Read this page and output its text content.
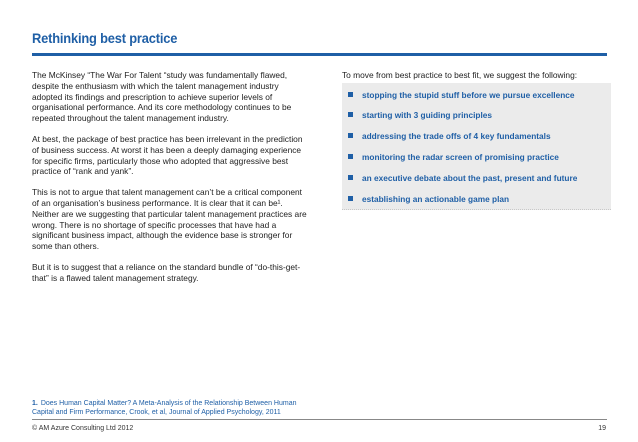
Rethinking best practice

The McKinsey “The War For Talent “study was fundamentally flawed, despite the enthusiasm with which the talent management industry adopted its findings and prescription to achieve superior levels of organisational performance. And its core methodology continues to be repeated throughout the talent management industry.

At best, the package of best practice has been irrelevant in the prediction of business success. At worst it has been a deeply damaging experience for specific firms, particularly those who adopted that aggressive best practice of “rank and yank”.

This is not to argue that talent management can’t be a critical component of an organisation’s business performance. It is clear that it can be¹. Neither are we suggesting that particular talent management practices are wrong. There is no shortage of specific processes that have had a significant business impact, although the evidence base is stronger for some than others.

But it is to suggest that a reliance on the standard bundle of “do-this-get-that” is a flawed talent management strategy.

To move from best practice to best fit, we suggest the following:
stopping the stupid stuff before we pursue excellence
starting with 3 guiding principles
addressing the trade offs of 4 key fundamentals
monitoring the radar screen of promising practice
an executive debate about the past, present and future
establishing an actionable game plan
1. Does Human Capital Matter? A Meta-Analysis of the Relationship Between Human Capital and Firm Performance, Crook, et al, Journal of Applied Psychology, 2011
© AM Azure Consulting Ltd 2012	19
